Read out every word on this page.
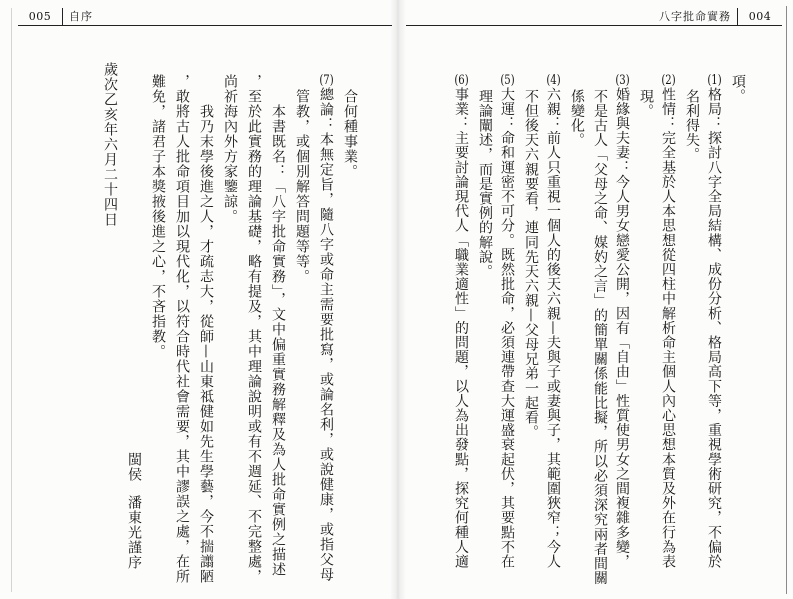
005	自序
合何種事業。
(7)總論：本無定旨，隨八字或命主需要批寫，或論名利，或說健康，或指父母
管教，或個別解答問題等等。
本書既名：「八字批命實務」，文中偏重實務解釋及為人批命實例之描述
，至於此實務的理論基礎，略有提及，其中理論說明或有不週延、不完整處，
尚祈海內外方家鑒諒。
我乃末學後進之人，才疏志大，從師—山東祗健如先生學藝，今不揣譾陋
，敢將古人批命項目加以現代化，以符合時代社會需要，其中謬誤之處，在所
難免，諸君子本獎掖後進之心，不吝指教。
閩侯潘東光謹序
歲次乙亥年六月二十四日
八字批命實務	004
項。
(1)格局：探討八字全局結構、成份分析、格局高下等，重視學術研究，不偏於
名利得失。
(2)性情：完全基於人本思想從四柱中解析命主個人內心思想本質及外在行為表
現。
(3)婚緣與夫妻：今人男女戀愛公開，因有「自由」性質使男女之間複雜多變，
不是古人「父母之命、媒妁之言」的簡單關係能比擬，所以必須深究兩者間關
係變化。
(4)六親：前人只重視一個人的後天六親—夫與子或妻與子，其範圍狹窄；今人
不但後天六親要看，連同先天六親—父母兄弟一起看。
(5)大運：命和運密不可分。既然批命，必須連帶查大運盛衰起伏，其要點不在
理論闡述，而是實例的解說。
(6)事業：主要討論現代人「職業適性」的問題，以人為出發點，探究何種人適
